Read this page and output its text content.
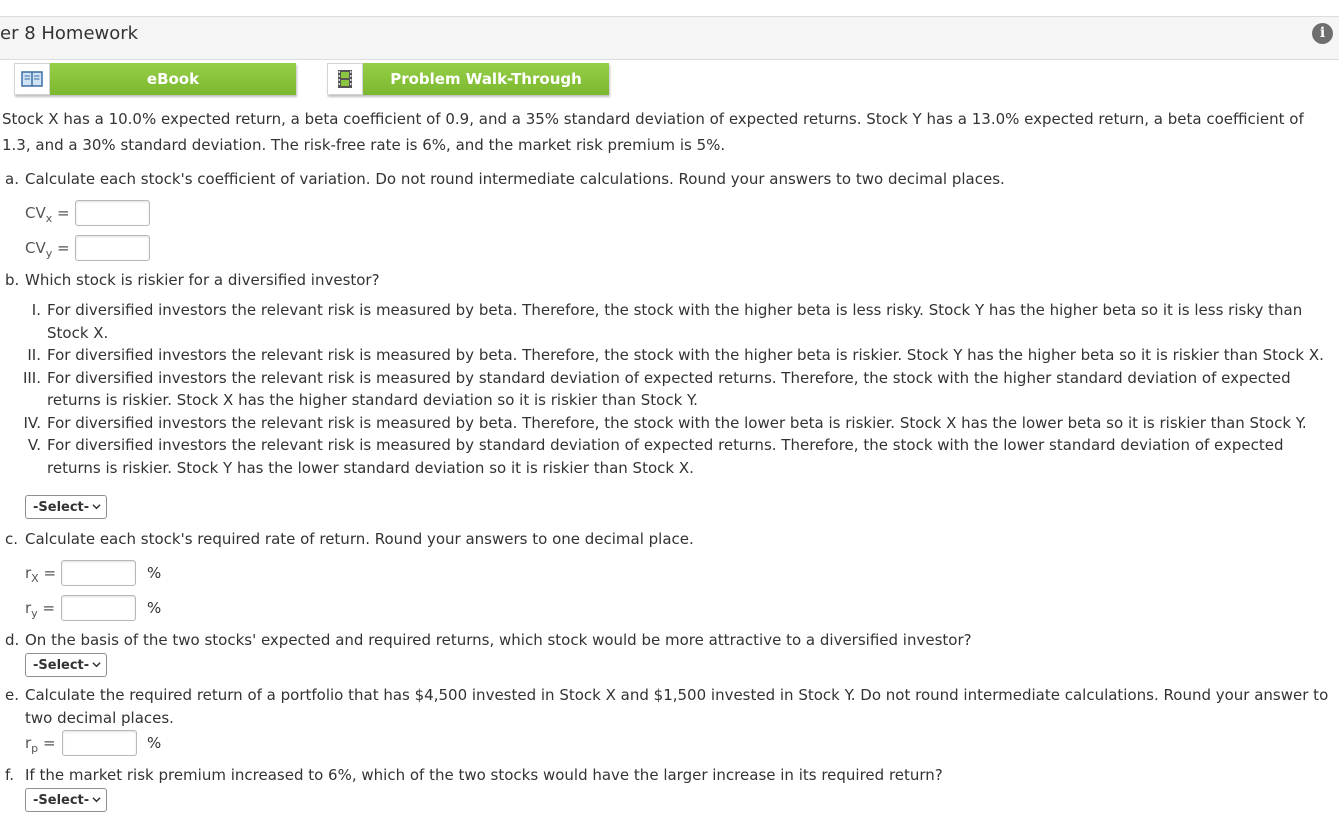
er 8 Homework	i
eBook	Problem Walk-Through
Stock X has a 10.0% expected return, a beta coefficient of 0.9, and a 35% standard deviation of expected returns. Stock Y has a 13.0% expected return, a beta coefficient of
1.3, and a 30% standard deviation. The risk-free rate is 6%, and the market risk premium is 5%.
a. Calculate each stock's coefficient of variation. Do not round intermediate calculations. Round your answers to two decimal places.
$CV_x$ =
$CV_y$ =
b. Which stock is riskier for a diversified investor?
I. For diversified investors the relevant risk is measured by beta. Therefore, the stock with the higher beta is less risky. Stock Y has the higher beta so it is less risky than
Stock X.
II. For diversified investors the relevant risk is measured by beta. Therefore, the stock with the higher beta is riskier. Stock Y has the higher beta so it is riskier than Stock X.
III. For diversified investors the relevant risk is measured by standard deviation of expected returns. Therefore, the stock with the higher standard deviation of expected
returns is riskier. Stock X has the higher standard deviation so it is riskier than Stock Y.
IV. For diversified investors the relevant risk is measured by beta. Therefore, the stock with the lower beta is riskier. Stock X has the lower beta so it is riskier than Stock Y.
V. For diversified investors the relevant risk is measured by standard deviation of expected returns. Therefore, the stock with the lower standard deviation of expected
returns is riskier. Stock Y has the lower standard deviation so it is riskier than Stock X.
-Select-
c. Calculate each stock's required rate of return. Round your answers to one decimal place.
$r_X$ =	%
$r_y$ =	%
d. On the basis of the two stocks' expected and required returns, which stock would be more attractive to a diversified investor?
-Select-
e. Calculate the required return of a portfolio that has $4,500 invested in Stock X and $1,500 invested in Stock Y. Do not round intermediate calculations. Round your answer to
two decimal places.
$r_p$ =	%
f. If the market risk premium increased to 6%, which of the two stocks would have the larger increase in its required return?
-Select-
